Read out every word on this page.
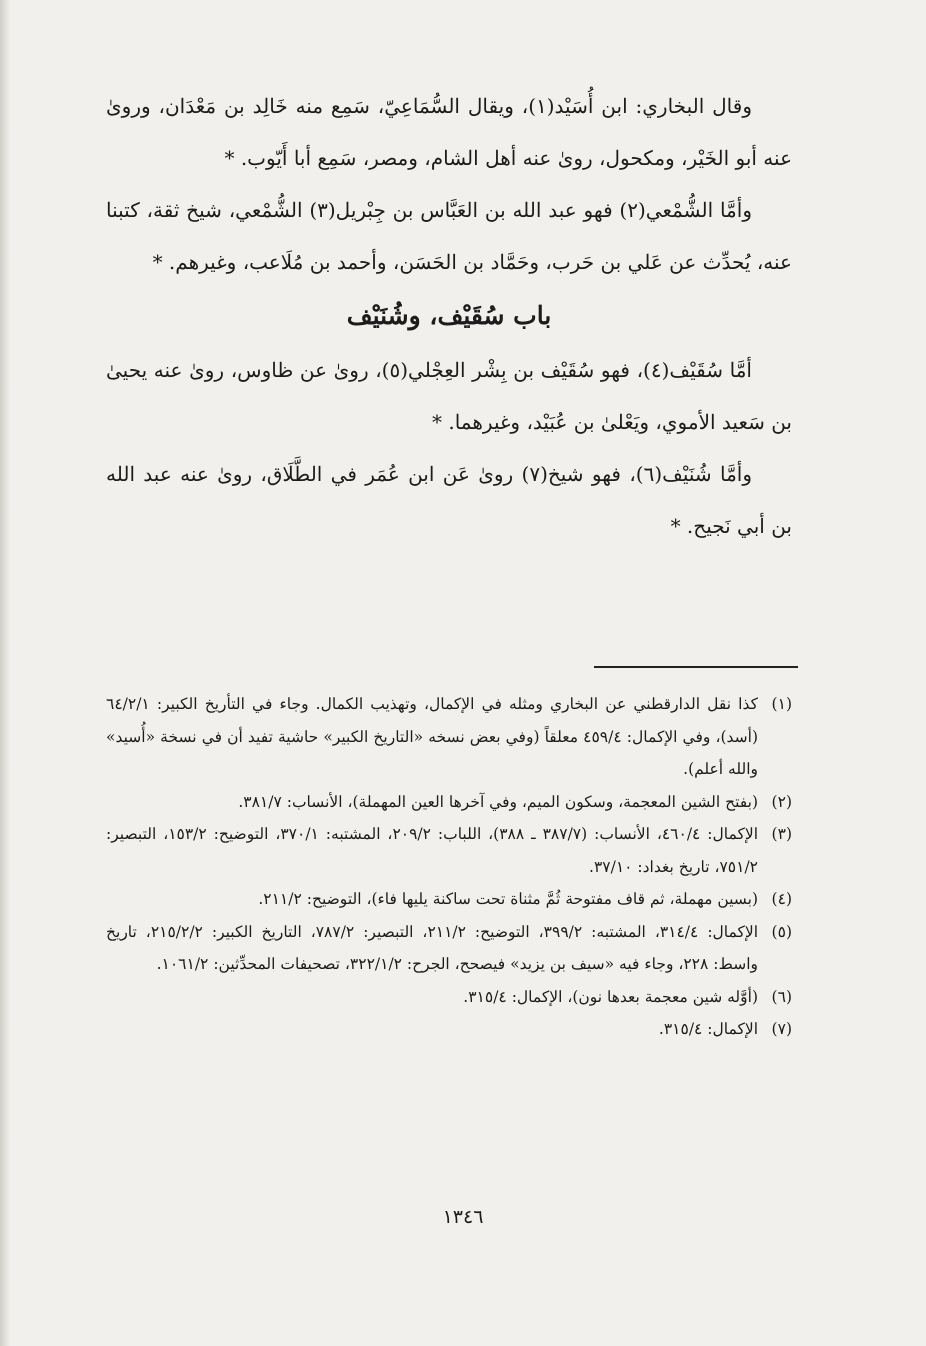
وقال البخاري: ابن أُسَيْد(١)، ويقال السُّمَاعِيّ، سَمِع منه خَالِد بن مَعْدَان، وروىٰ عنه أبو الخَيْر، ومكحول، روىٰ عنه أهل الشام، ومصر، سَمِع أبا أَيّوب. *

وأمَّا الشُّمْعي(٢) فهو عبد الله بن العَبَّاس بن جِبْريل(٣) الشُّمْعي، شيخ ثقة، كتبنا عنه، يُحدِّث عن عَلي بن حَرب، وحَمَّاد بن الحَسَن، وأحمد بن مُلَاعب، وغيرهم. *

باب سُقَيْف، وشُنَيْف

أمَّا سُقَيْف(٤)، فهو سُقَيْف بن بِشْر العِجْلي(٥)، روىٰ عن ظاوس، روىٰ عنه يحيىٰ بن سَعيد الأموي، ويَعْلىٰ بن عُبَيْد، وغيرهما. *

وأمَّا شُنَيْف(٦)، فهو شيخ(٧) روىٰ عَن ابن عُمَر في الطَّلَاق، روىٰ عنه عبد الله بن أبي نَجيح. *

(١)
كذا نقل الدارقطني عن البخاري ومثله في الإكمال، وتهذيب الكمال. وجاء في التأريخ الكبير: ٦٤/٢/١ (أسد)، وفي الإكمال: ٤٥٩/٤ معلقاً (وفي بعض نسخه «التاريخ الكبير» حاشية تفيد أن في نسخة «أُسيد» والله أعلم).
(٢)
(بفتح الشين المعجمة، وسكون الميم، وفي آخرها العين المهملة)، الأنساب: ٣٨١/٧.
(٣)
الإكمال: ٤٦٠/٤، الأنساب: (٣٨٧/٧ ـ ٣٨٨)، اللباب: ٢٠٩/٢، المشتبه: ٣٧٠/١، التوضيح: ١٥٣/٢، التبصير: ٧٥١/٢، تاريخ بغداد: ٣٧/١٠.
(٤)
(بسين مهملة، ثم قاف مفتوحة ثُمَّ مثناة تحت ساكنة يليها فاء)، التوضيح: ٢١١/٢.
(٥)
الإكمال: ٣١٤/٤، المشتبه: ٣٩٩/٢، التوضيح: ٢١١/٢، التبصير: ٧٨٧/٢، التاريخ الكبير: ٢١٥/٢/٢، تاريخ واسط: ٢٢٨، وجاء فيه «سيف بن يزيد» فيصحح، الجرح: ٣٢٢/١/٢، تصحيفات المحدِّثين: ١٠٦١/٢.
(٦)
(أوَّله شين معجمة بعدها نون)، الإكمال: ٣١٥/٤.
(٧)
الإكمال: ٣١٥/٤.
١٣٤٦
